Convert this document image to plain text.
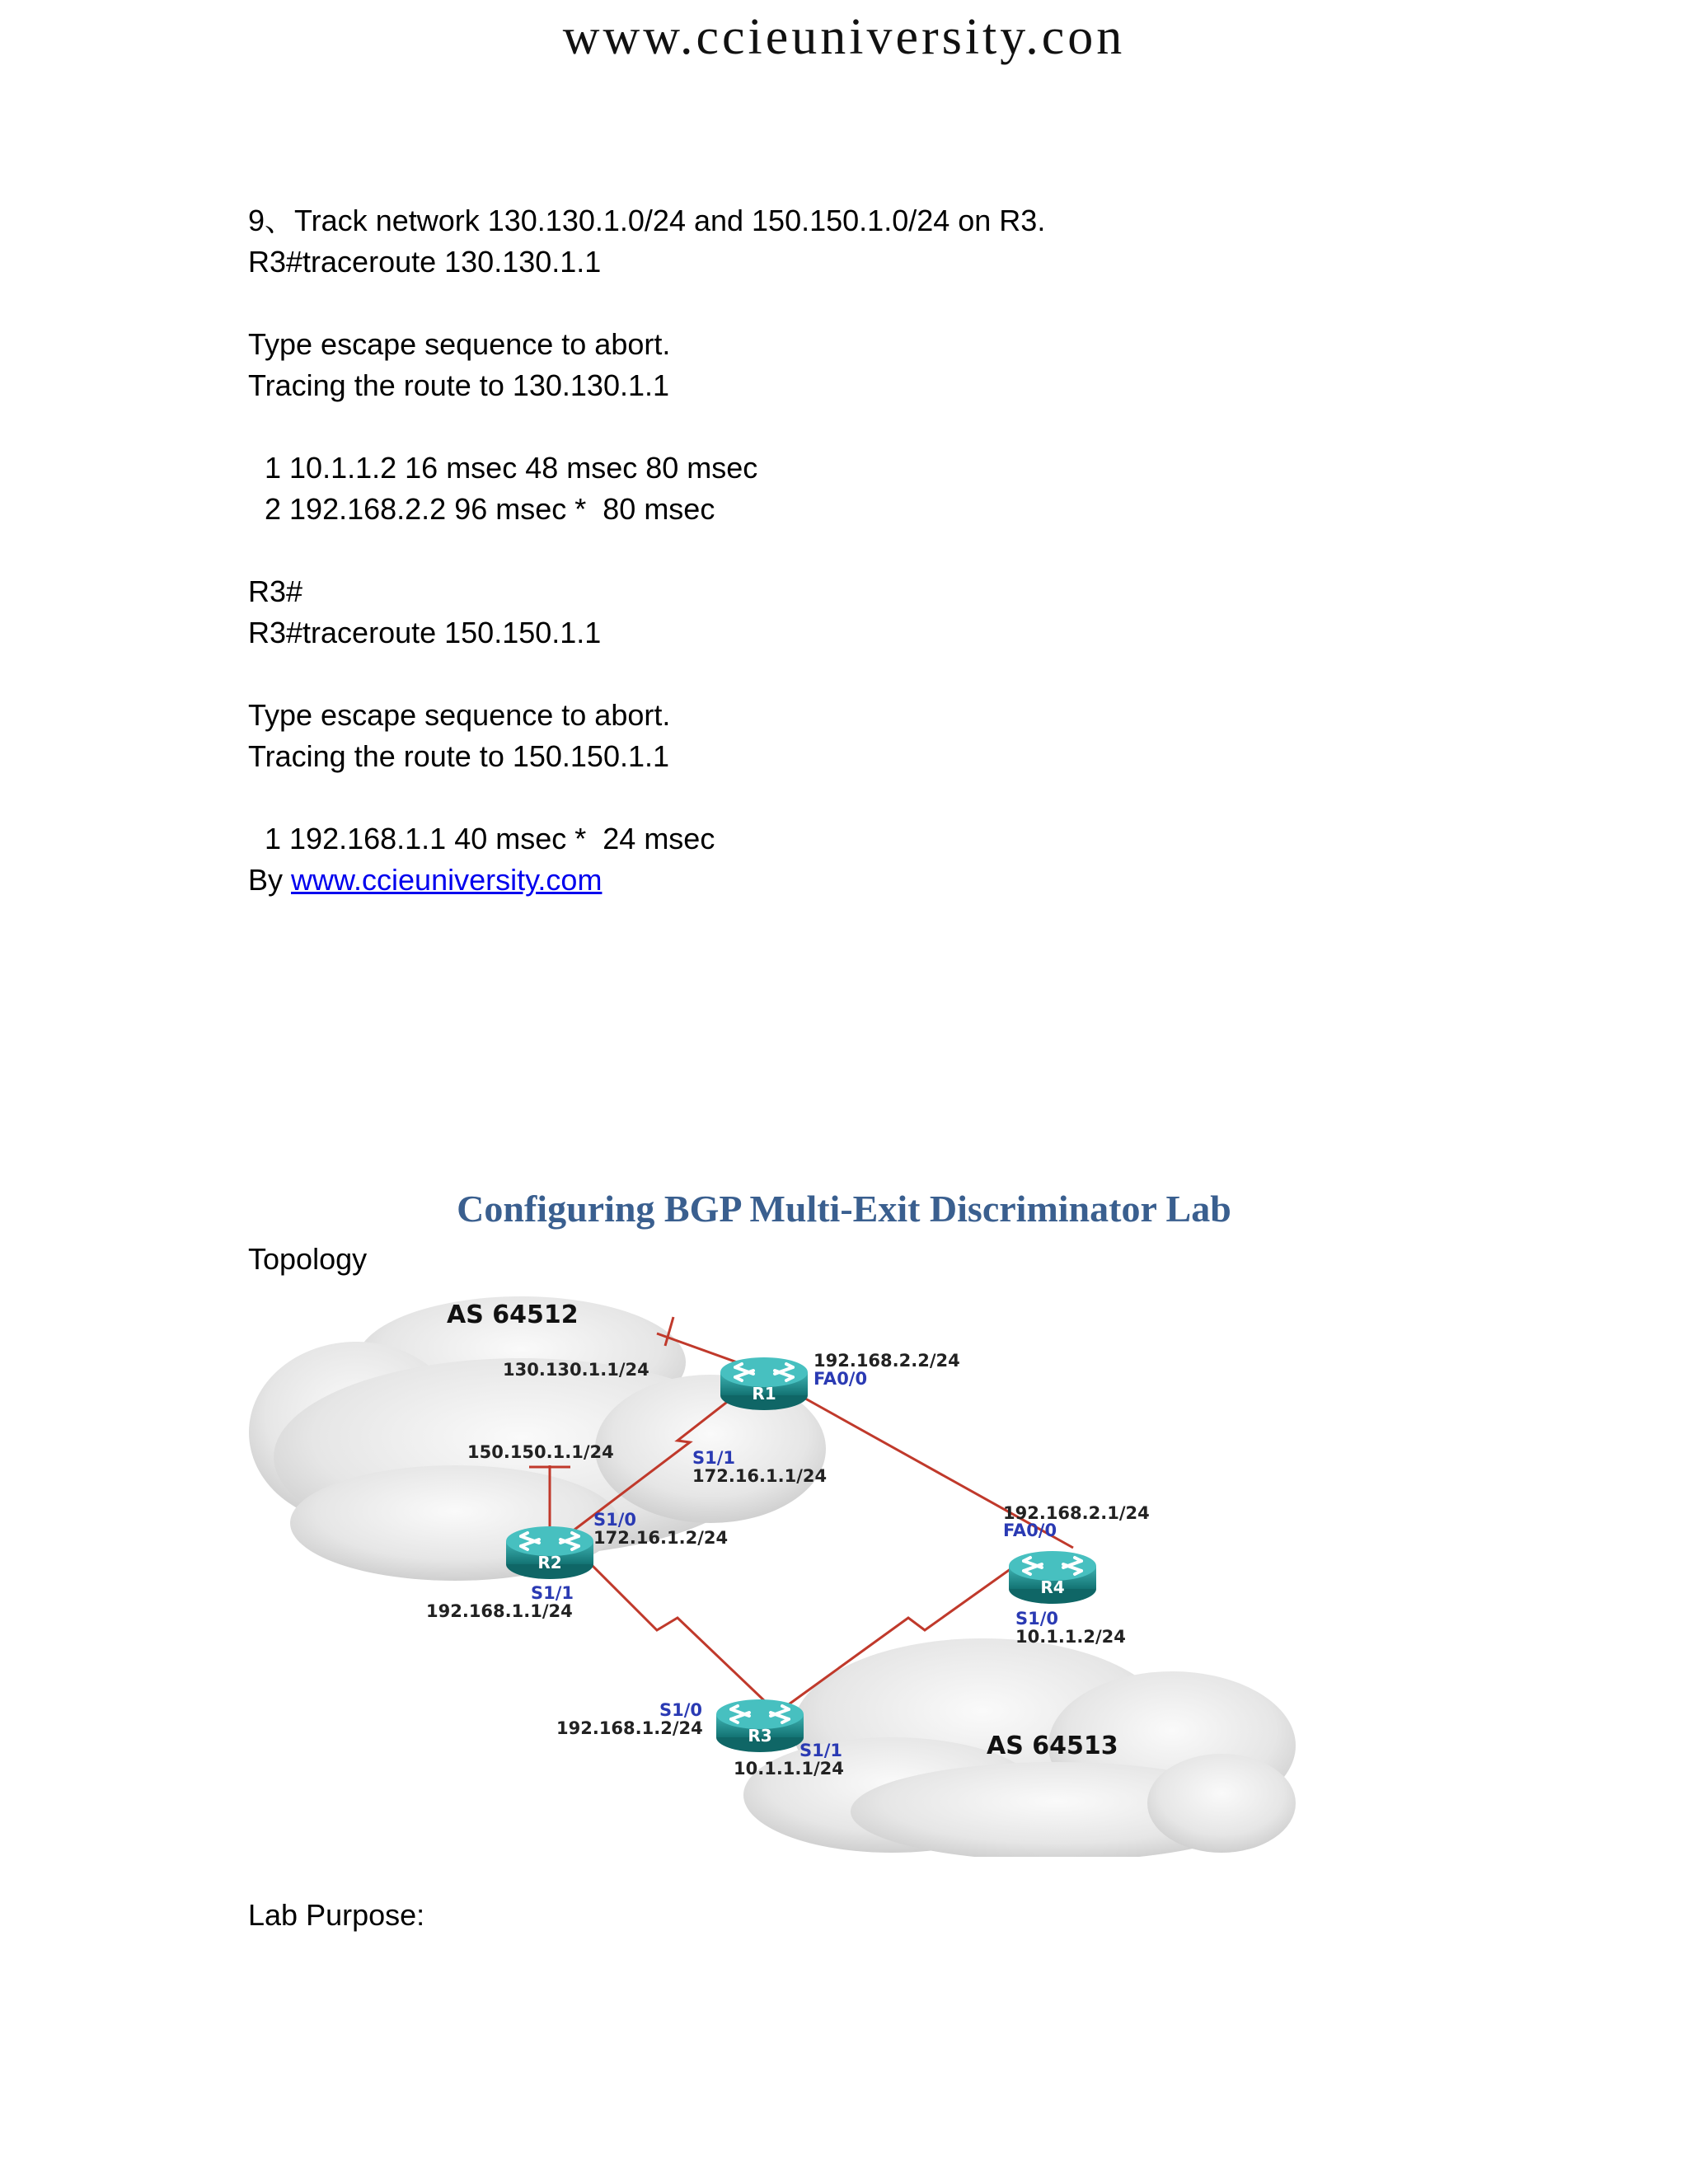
www.ccieuniversity.con
9、Track network 130.130.1.0/24 and 150.150.1.0/24 on R3.
R3#traceroute 130.130.1.1
Type escape sequence to abort.
Tracing the route to 130.130.1.1
1 10.1.1.2 16 msec 48 msec 80 msec
2 192.168.2.2 96 msec *  80 msec
R3#
R3#traceroute 150.150.1.1
Type escape sequence to abort.
Tracing the route to 150.150.1.1
1 192.168.1.1 40 msec *  24 msec
By www.ccieuniversity.com
Configuring BGP Multi-Exit Discriminator Lab
Topology
R1
R2
R3
R4
AS 64512
AS 64513
130.130.1.1/24	192.168.2.2/24
FA0/0
S1/1
172.16.1.1/24
150.150.1.1/24
S1/0
172.16.1.2/24
S1/1
192.168.1.1/24
192.168.2.1/24
FA0/0
S1/0
10.1.1.2/24
S1/0
192.168.1.2/24
S1/1
10.1.1.1/24
Lab Purpose:
